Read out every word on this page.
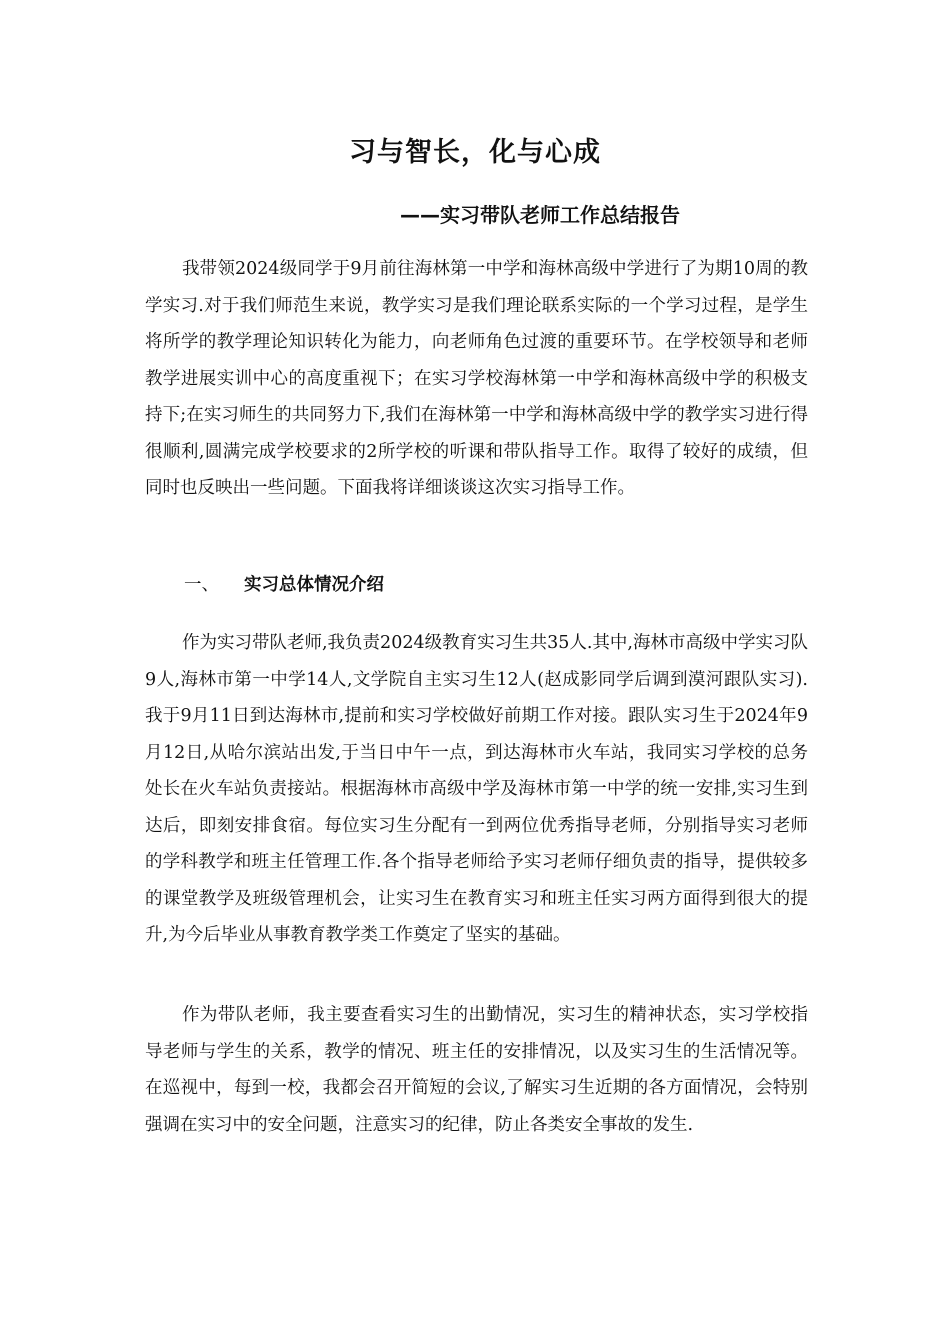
习与智长，化与心成
——实习带队老师工作总结报告

我带领2024级同学于9月前往海林第一中学和海林高级中学进行了为期10周的教学实习.对于我们师范生来说，教学实习是我们理论联系实际的一个学习过程，是学生将所学的教学理论知识转化为能力，向老师角色过渡的重要环节。在学校领导和老师教学进展实训中心的高度重视下；在实习学校海林第一中学和海林高级中学的积极支持下;在实习师生的共同努力下,我们在海林第一中学和海林高级中学的教学实习进行得很顺利,圆满完成学校要求的2所学校的听课和带队指导工作。取得了较好的成绩，但同时也反映出一些问题。下面我将详细谈谈这次实习指导工作。

一、 实习总体情况介绍

作为实习带队老师,我负责2024级教育实习生共35人.其中,海林市高级中学实习队9人,海林市第一中学14人,文学院自主实习生12人(赵成影同学后调到漠河跟队实习).我于9月11日到达海林市,提前和实习学校做好前期工作对接。跟队实习生于2024年9月12日,从哈尔滨站出发,于当日中午一点，到达海林市火车站，我同实习学校的总务处长在火车站负责接站。根据海林市高级中学及海林市第一中学的统一安排,实习生到达后，即刻安排食宿。每位实习生分配有一到两位优秀指导老师，分别指导实习老师的学科教学和班主任管理工作.各个指导老师给予实习老师仔细负责的指导，提供较多的课堂教学及班级管理机会，让实习生在教育实习和班主任实习两方面得到很大的提升,为今后毕业从事教育教学类工作奠定了坚实的基础。

作为带队老师，我主要查看实习生的出勤情况，实习生的精神状态，实习学校指导老师与学生的关系，教学的情况、班主任的安排情况，以及实习生的生活情况等。在巡视中，每到一校，我都会召开简短的会议,了解实习生近期的各方面情况，会特别强调在实习中的安全问题，注意实习的纪律，防止各类安全事故的发生.
